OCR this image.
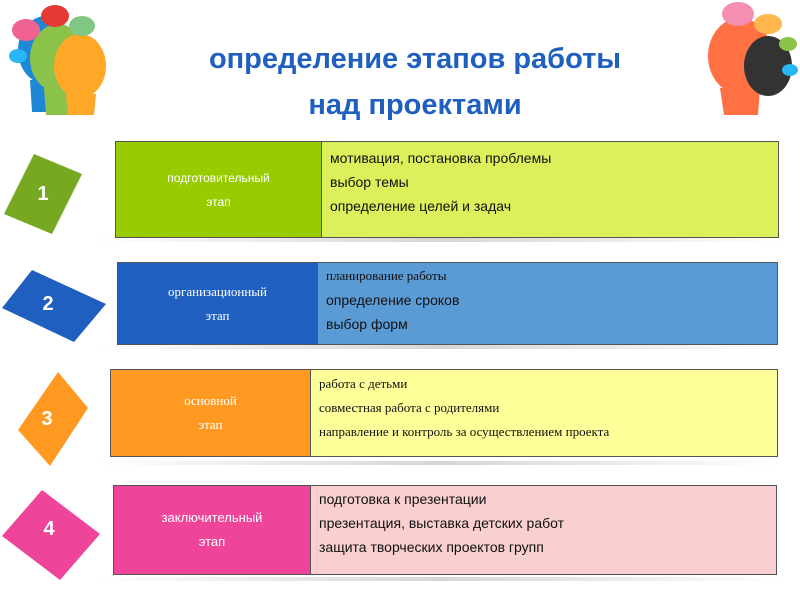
определение этапов работы
над проектами
1
подготовительный
этап
мотивация, постановка проблемы
выбор темы
определение целей и задач
2
организационный
этап
планирование работы
определение сроков
выбор форм
3
основной
этап
работа с детьми
совместная работа с родителями
направление и контроль за осуществлением проекта
4	заключительный
этап
подготовка к презентации
презентация, выставка детских работ
защита творческих проектов групп
